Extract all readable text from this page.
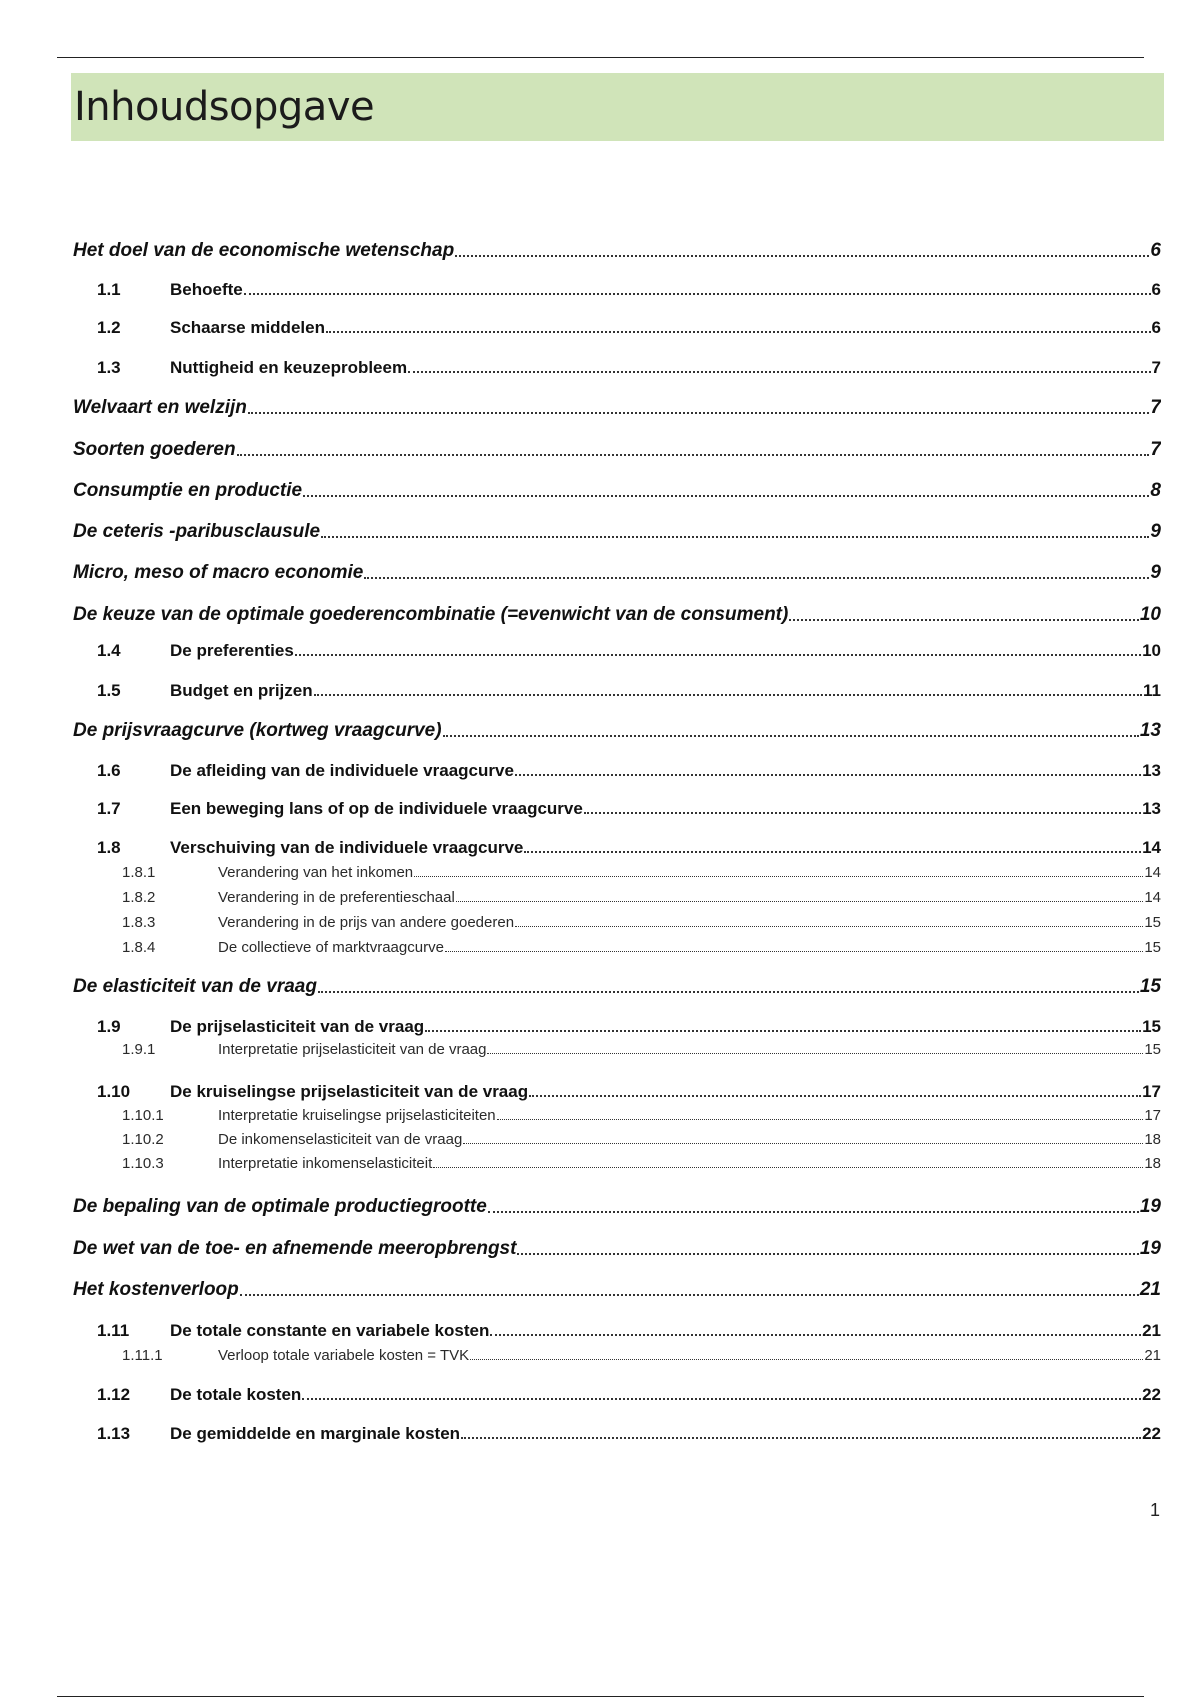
Inhoudsopgave
Het doel van de economische wetenschap	6
1.1	Behoefte	6
1.2	Schaarse middelen	6
1.3	Nuttigheid en keuzeprobleem	7
Welvaart en welzijn	7
Soorten goederen	7
Consumptie en productie	8
De ceteris -paribusclausule	9
Micro, meso of macro economie	9
De keuze van de optimale goederencombinatie (=evenwicht van de consument)	10
1.4	De preferenties	10
1.5	Budget en prijzen	11
De prijsvraagcurve (kortweg vraagcurve)	13
1.6	De afleiding van de individuele vraagcurve	13
1.7	Een beweging lans of op de individuele vraagcurve	13
1.8	Verschuiving van de individuele vraagcurve	14
1.8.1	Verandering van het inkomen	14
1.8.2	Verandering in de preferentieschaal	14
1.8.3	Verandering in de prijs van andere goederen	15
1.8.4	De collectieve of marktvraagcurve	15
De elasticiteit van de vraag	15
1.9	De prijselasticiteit van de vraag	15
1.9.1	Interpretatie prijselasticiteit van de vraag	15
1.10	De kruiselingse prijselasticiteit van de vraag	17
1.10.1	Interpretatie kruiselingse prijselasticiteiten	17
1.10.2	De inkomenselasticiteit van de vraag	18
1.10.3	Interpretatie inkomenselasticiteit	18
De bepaling van de optimale productiegrootte	19
De wet van de toe- en afnemende meeropbrengst	19
Het kostenverloop	21
1.11	De totale constante en variabele kosten	21
1.11.1	Verloop totale variabele kosten = TVK	21
1.12	De totale kosten	22
1.13	De gemiddelde en marginale kosten	22
1
